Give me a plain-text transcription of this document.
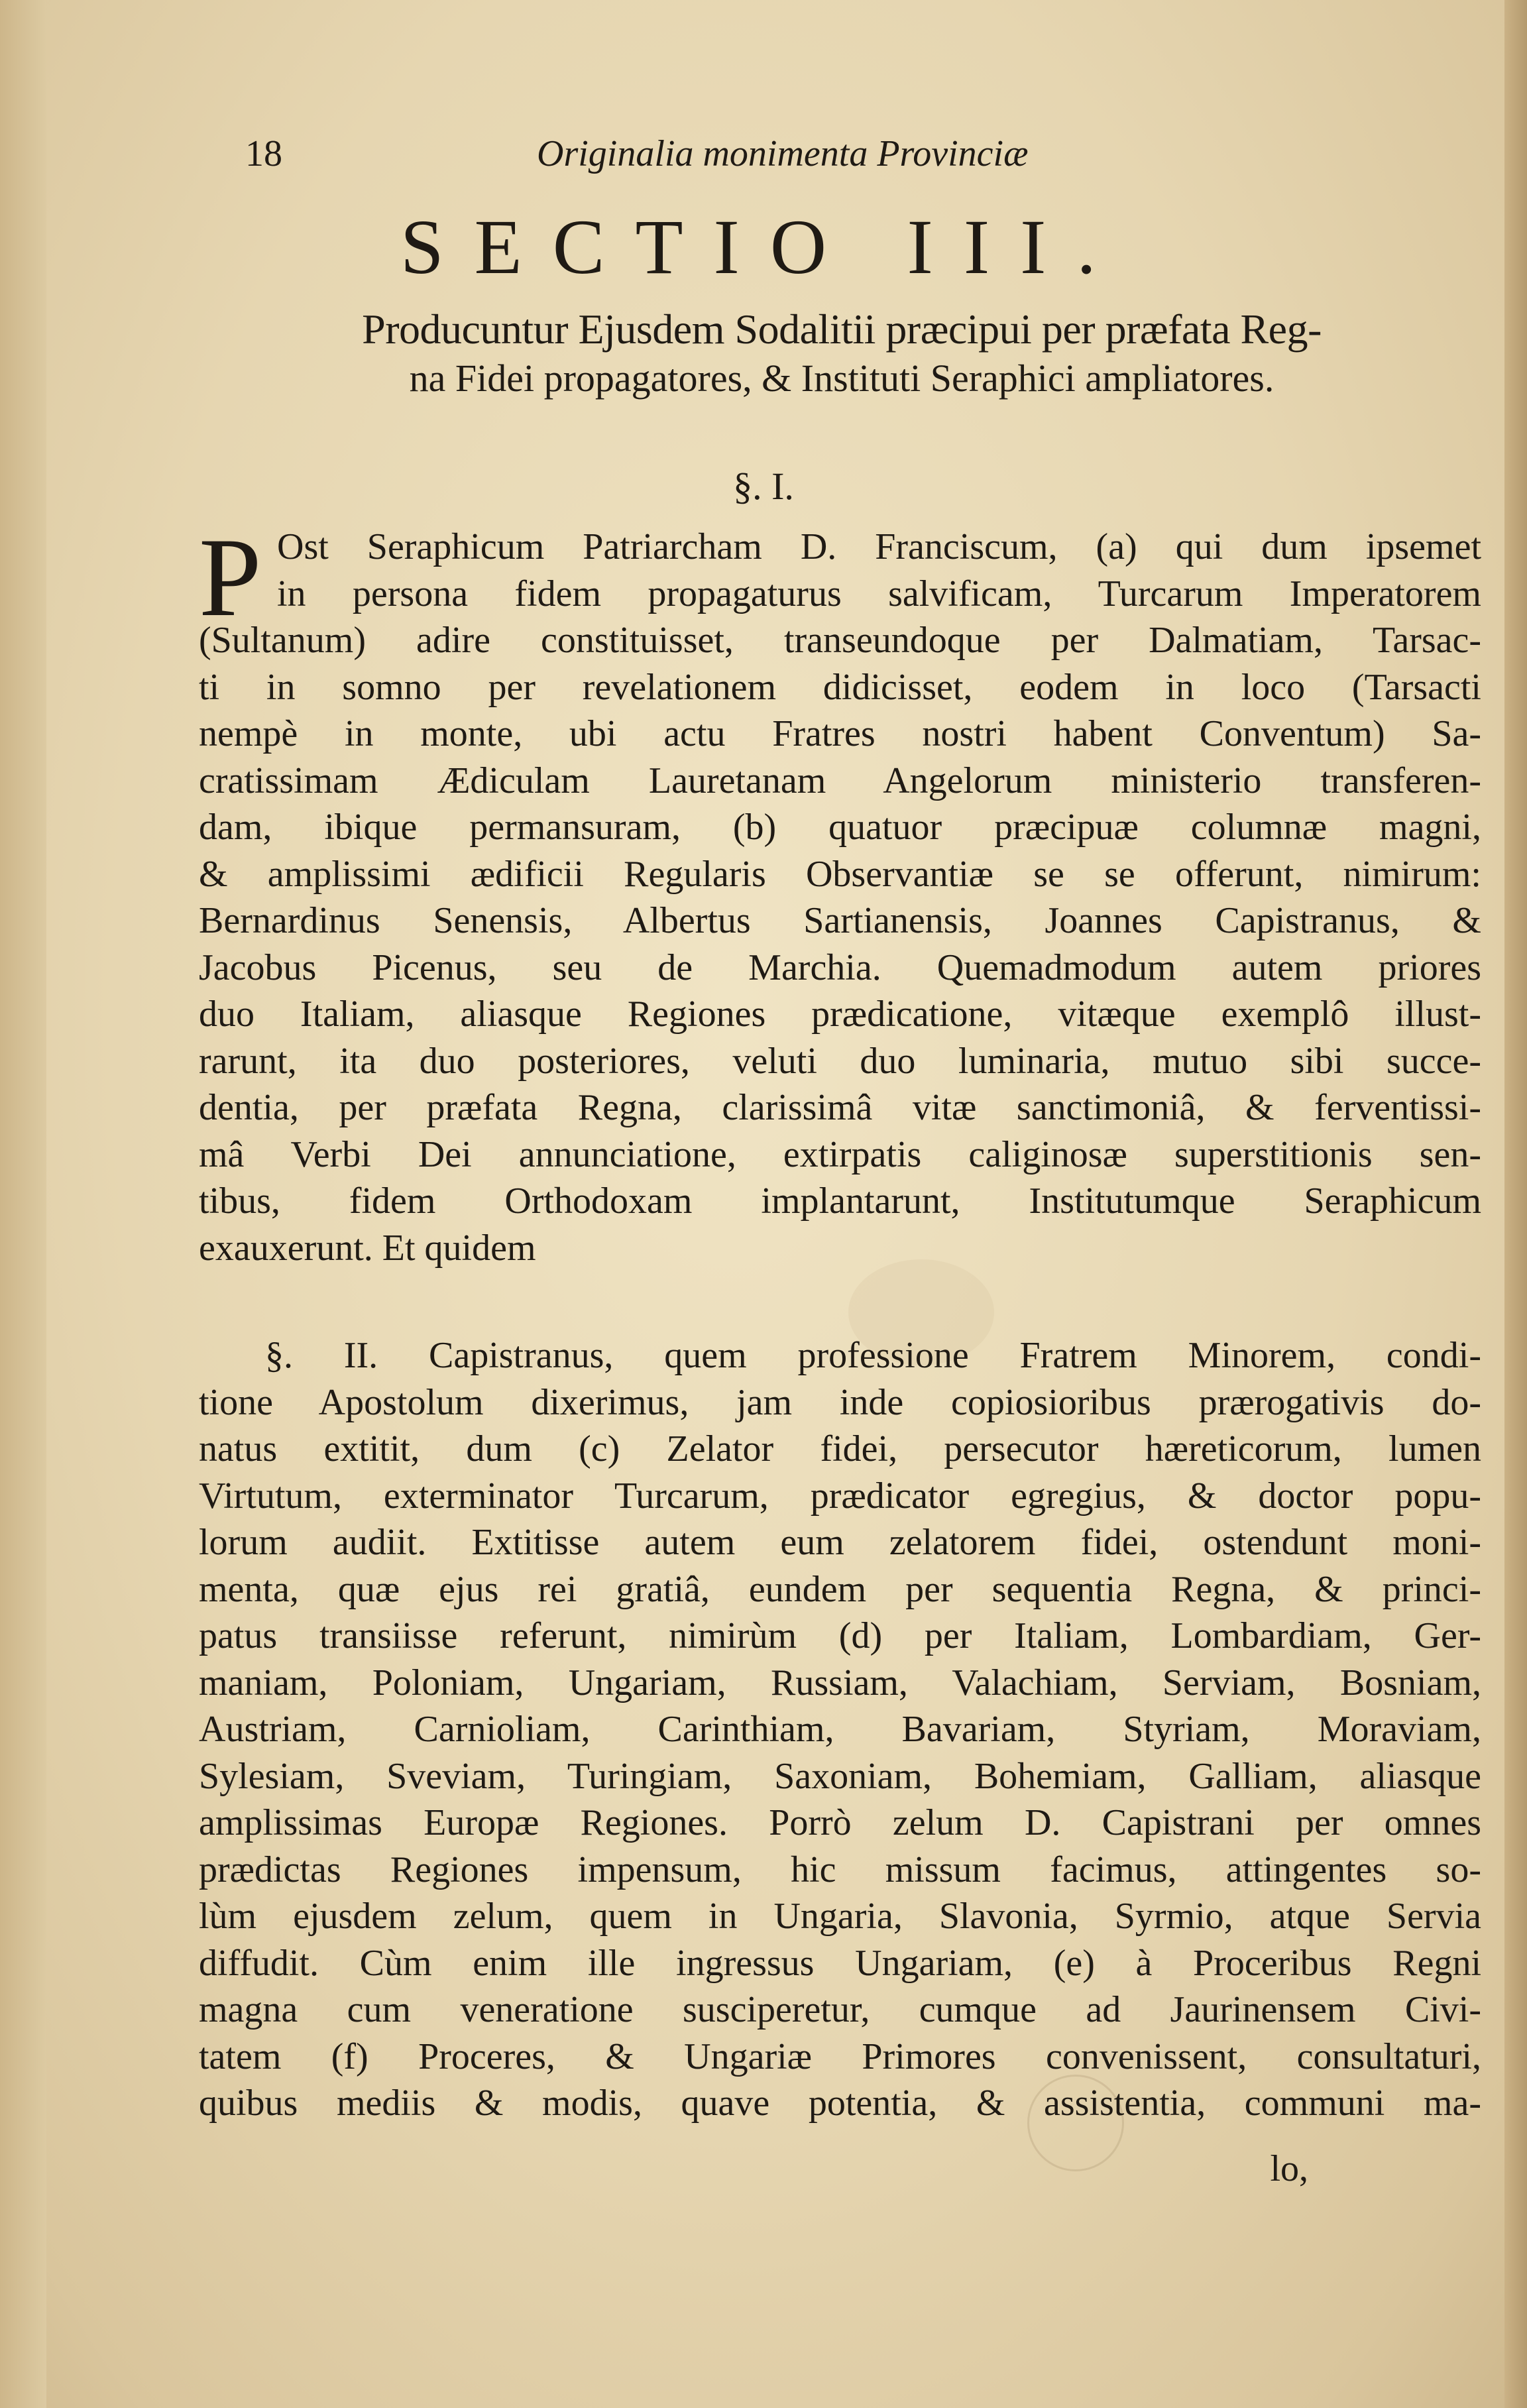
18	Originalia monimenta Provinciæ
SECTIO III.
Producuntur Ejusdem Sodalitii præcipui per præfata Reg-
na Fidei propagatores, & Instituti Seraphici ampliatores.
§. I.
P Ost Seraphicum Patriarcham D. Franciscum, (a) qui dum ipsemet
in persona fidem propagaturus salvificam, Turcarum Imperatorem
(Sultanum) adire constituisset, transeundoque per Dalmatiam, Tarsac-
ti in somno per revelationem didicisset, eodem in loco (Tarsacti
nempè in monte, ubi actu Fratres nostri habent Conventum) Sa-
cratissimam Ædiculam Lauretanam Angelorum ministerio transferen-
dam, ibique permansuram, (b) quatuor præcipuæ columnæ magni,
& amplissimi ædificii Regularis Observantiæ se se offerunt, nimirum:
Bernardinus Senensis, Albertus Sartianensis, Joannes Capistranus, &
Jacobus Picenus, seu de Marchia. Quemadmodum autem priores
duo Italiam, aliasque Regiones prædicatione, vitæque exemplô illust-
rarunt, ita duo posteriores, veluti duo luminaria, mutuo sibi succe-
dentia, per præfata Regna, clarissimâ vitæ sanctimoniâ, & ferventissi-
mâ Verbi Dei annunciatione, extirpatis caliginosæ superstitionis sen-
tibus, fidem Orthodoxam implantarunt, Institutumque Seraphicum
exauxerunt. Et quidem
§. II. Capistranus, quem professione Fratrem Minorem, condi-
tione Apostolum dixerimus, jam inde copiosioribus prærogativis do-
natus extitit, dum (c) Zelator fidei, persecutor hæreticorum, lumen
Virtutum, exterminator Turcarum, prædicator egregius, & doctor popu-
lorum audiit. Extitisse autem eum zelatorem fidei, ostendunt moni-
menta, quæ ejus rei gratiâ, eundem per sequentia Regna, & princi-
patus transiisse referunt, nimirùm (d) per Italiam, Lombardiam, Ger-
maniam, Poloniam, Ungariam, Russiam, Valachiam, Serviam, Bosniam,
Austriam, Carnioliam, Carinthiam, Bavariam, Styriam, Moraviam,
Sylesiam, Sveviam, Turingiam, Saxoniam, Bohemiam, Galliam, aliasque
amplissimas Europæ Regiones. Porrò zelum D. Capistrani per omnes
prædictas Regiones impensum, hic missum facimus, attingentes so-
lùm ejusdem zelum, quem in Ungaria, Slavonia, Syrmio, atque Servia
diffudit. Cùm enim ille ingressus Ungariam, (e) à Proceribus Regni
magna cum veneratione susciperetur, cumque ad Jaurinensem Civi-
tatem (f) Proceres, & Ungariæ Primores convenissent, consultaturi,
quibus mediis & modis, quave potentia, & assistentia, communi ma-
lo,
